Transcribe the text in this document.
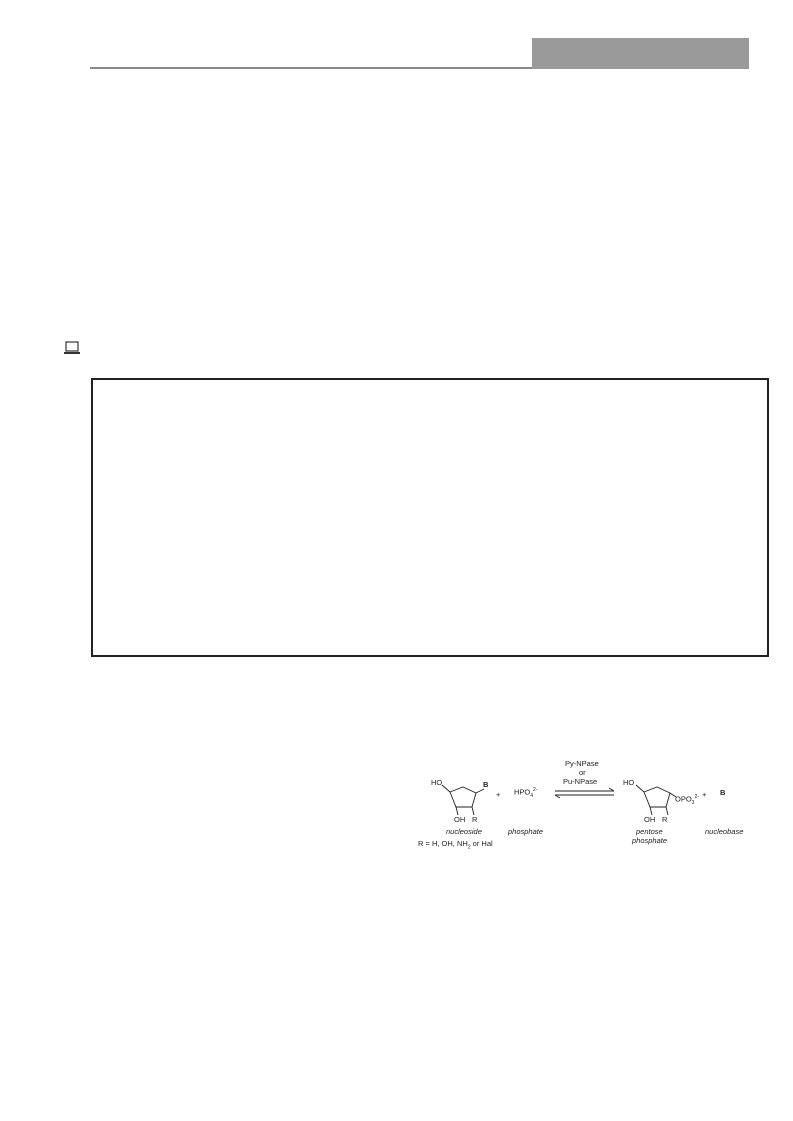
HO	B
OH R
nucleoside
+ $HPO_4^{2-}$
phosphate
Py-NPase
or
Pu-NPase	HO
OH R
$OPO_3^{2-}$
pentose
phosphate
+ B
nucleobase
R = H, OH, $NH_2$ or Hal
